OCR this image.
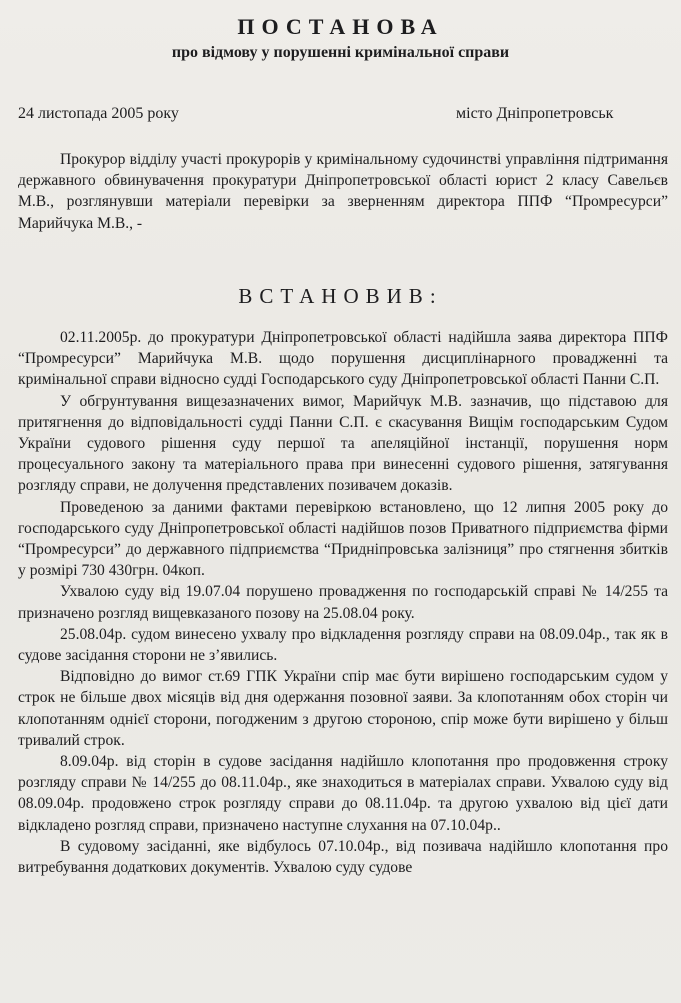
ПОСТАНОВА
про відмову у порушенні кримінальної справи
24 листопада 2005 року	місто Дніпропетровськ

Прокурор відділу участі прокурорів у кримінальному судочинстві управління підтримання державного обвинувачення прокуратури Дніпропетровської області юрист 2 класу Савельєв М.В., розглянувши матеріали перевірки за зверненням директора ППФ “Промресурси” Марийчука М.В., -

ВСТАНОВИВ:

02.11.2005р. до прокуратури Дніпропетровської області надійшла заява директора ППФ “Промресурси” Марийчука М.В. щодо порушення дисциплінарного провадженні та кримінальної справи відносно судді Господарського суду Дніпропетровської області Панни С.П.

У обгрунтування вищезазначених вимог, Марийчук М.В. зазначив, що підставою для притягнення до відповідальності судді Панни С.П. є скасування Вищім господарським Судом України судового рішення суду першої та апеляційної інстанції, порушення норм процесуального закону та матеріального права при винесенні судового рішення, затягування розгляду справи, не долучення представлених позивачем доказів.

Проведеною за даними фактами перевіркою встановлено, що 12 липня 2005 року до господарського суду Дніпропетровської області надійшов позов Приватного підприємства фірми “Промресурси” до державного підприємства “Придніпровська залізниця” про стягнення збитків у розмірі 730 430грн. 04коп.

Ухвалою суду від 19.07.04 порушено провадження по господарській справі № 14/255 та призначено розгляд вищевказаного позову на 25.08.04 року.

25.08.04р. судом винесено ухвалу про відкладення розгляду справи на 08.09.04р., так як в судове засідання сторони не з’явились.

Відповідно до вимог ст.69 ГПК України спір має бути вирішено господарським судом у строк не більше двох місяців від дня одержання позовної заяви. За клопотанням обох сторін чи клопотанням однієї сторони, погодженим з другою стороною, спір може бути вирішено у більш тривалий строк.

8.09.04р. від сторін в судове засідання надійшло клопотання про продовження строку розгляду справи № 14/255 до 08.11.04р., яке знаходиться в матеріалах справи. Ухвалою суду від 08.09.04р. продовжено строк розгляду справи до 08.11.04р. та другою ухвалою від цієї дати відкладено розгляд справи, призначено наступне слухання на 07.10.04р..

В судовому засіданні, яке відбулось 07.10.04р., від позивача надійшло клопотання про витребування додаткових документів. Ухвалою суду судове
